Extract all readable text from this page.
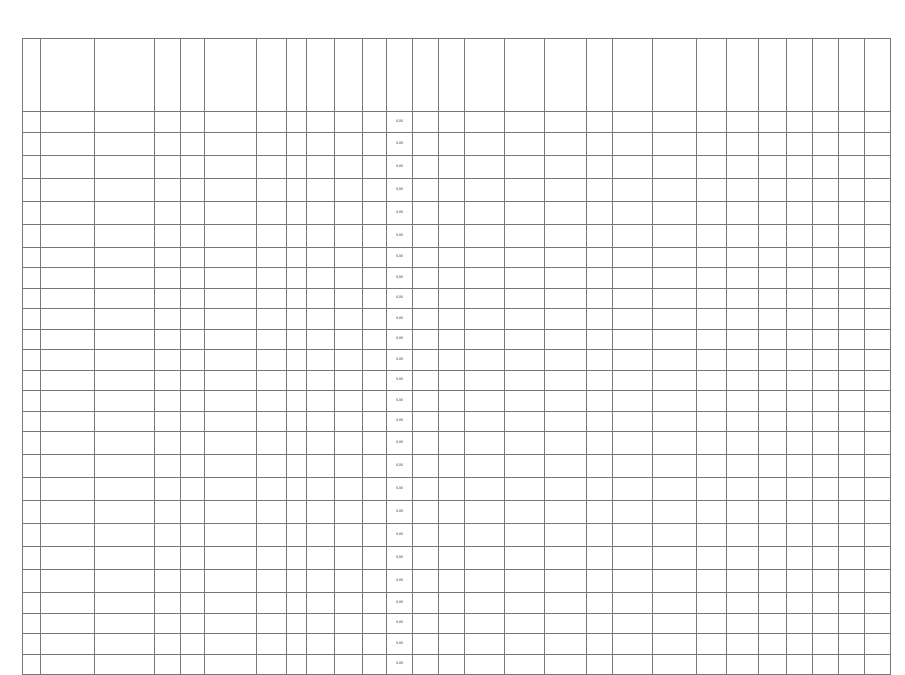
											0,00															
											0,00															
											0,00															
											0,00															
											0,00															
											0,00															
											0,00															
											0,00															
											0,00															
											0,00															
											0,00															
											0,00															
											0,00															
											0,00															
											0,00															
											0,00															
											0,00															
											0,00															
											0,00															
											0,00															
											0,00															
											0,00															
											0,00															
											0,00															
											0,00															
											0,00															
